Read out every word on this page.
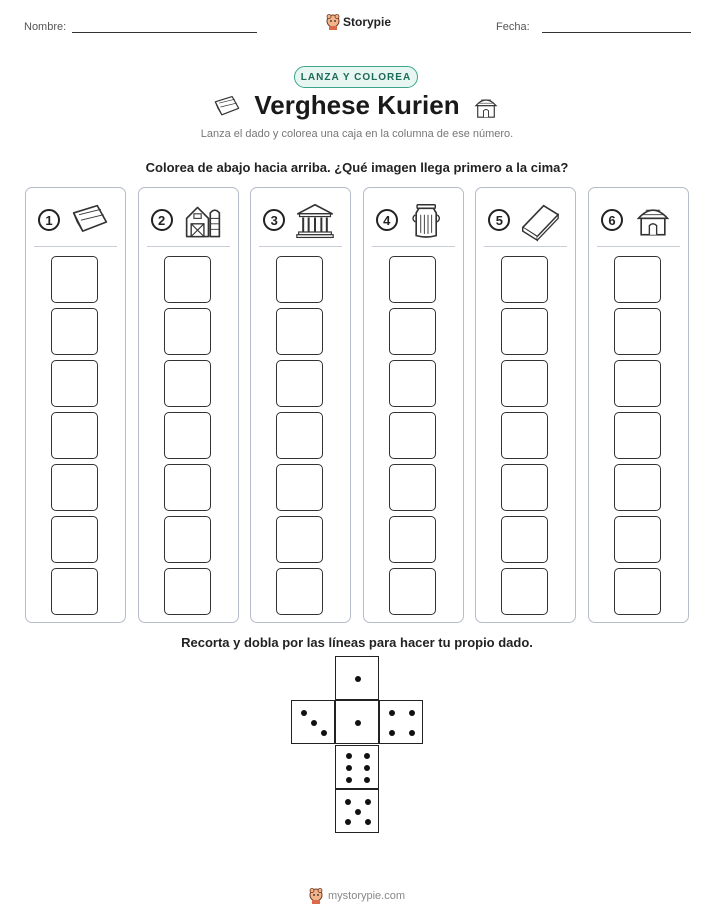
Nombre:	Storypie	Fecha:
LANZA Y COLOREA
Verghese Kurien
Lanza el dado y colorea una caja en la columna de ese número.
Colorea de abajo hacia arriba. ¿Qué imagen llega primero a la cima?
1	2	3	4	5	6
Recorta y dobla por las líneas para hacer tu propio dado.
mystorypie.com
